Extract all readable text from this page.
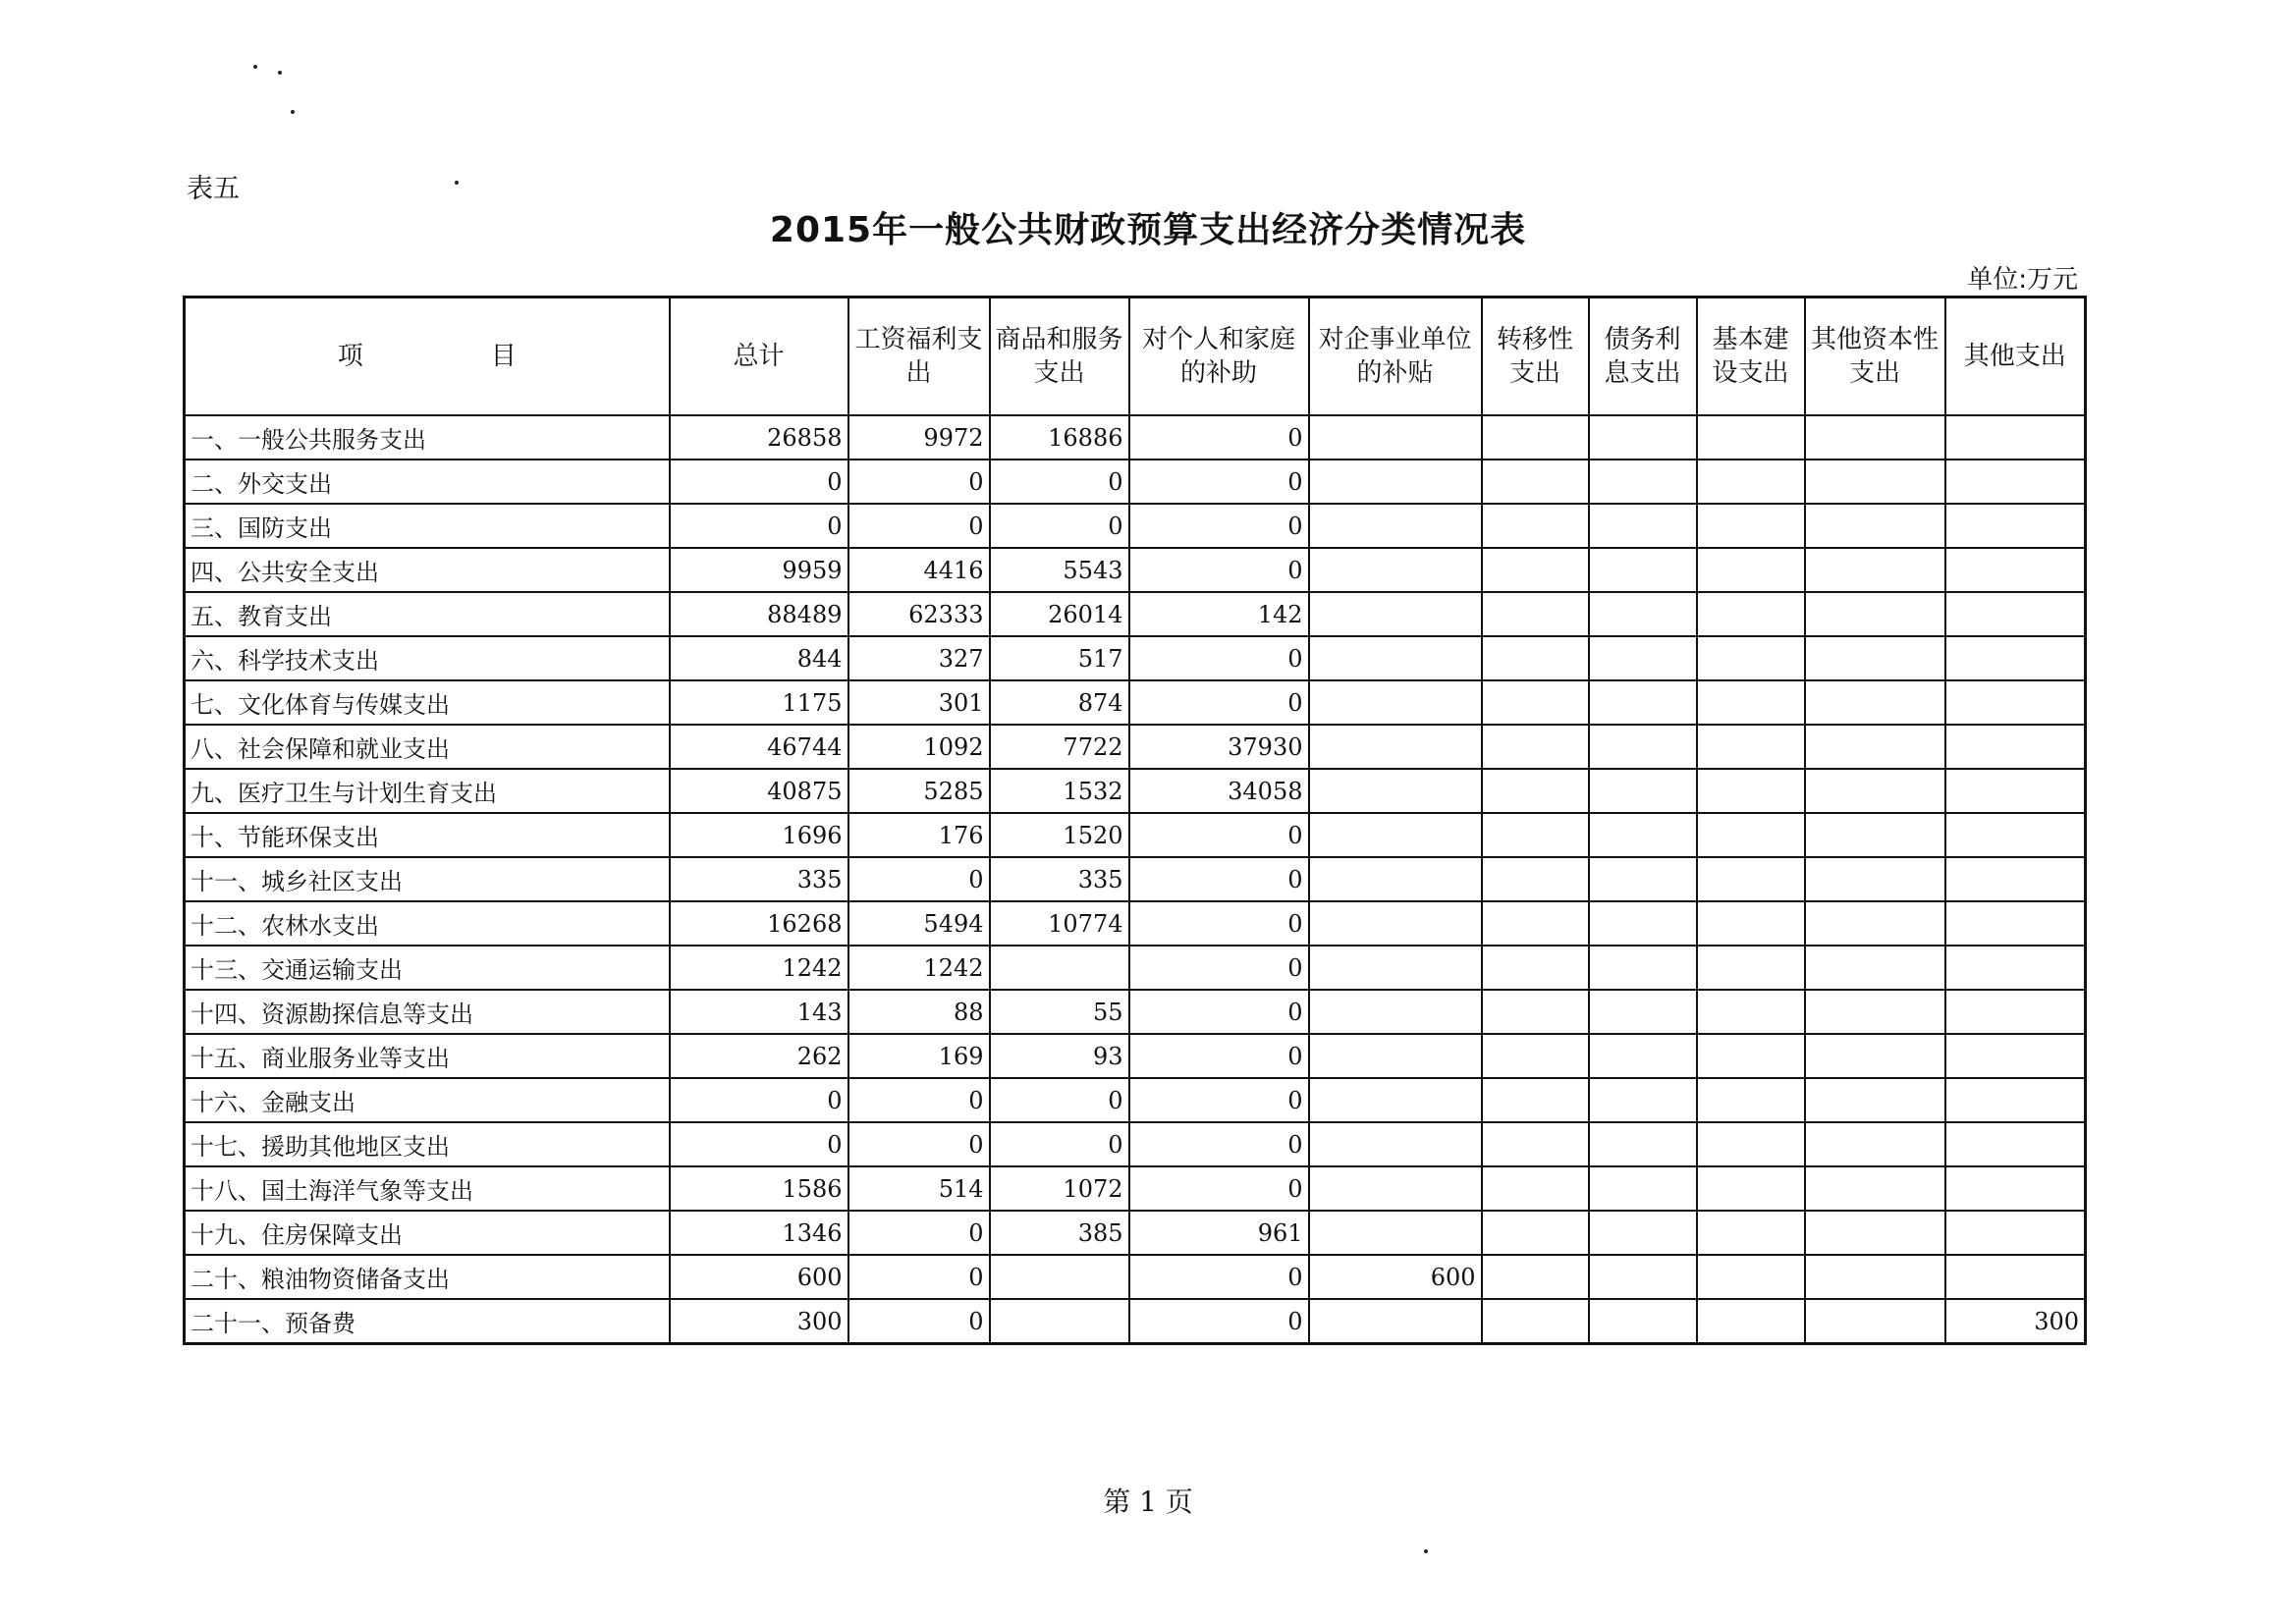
表五
2015年一般公共财政预算支出经济分类情况表
单位:万元
项　　　　　目	总计	工资福利支出	商品和服务支出	对个人和家庭的补助	对企事业单位的补贴	转移性支出	债务利息支出	基本建设支出	其他资本性支出	其他支出
一、一般公共服务支出	26858	9972	16886	0						
二、外交支出	0	0	0	0						
三、国防支出	0	0	0	0						
四、公共安全支出	9959	4416	5543	0						
五、教育支出	88489	62333	26014	142						
六、科学技术支出	844	327	517	0						
七、文化体育与传媒支出	1175	301	874	0						
八、社会保障和就业支出	46744	1092	7722	37930						
九、医疗卫生与计划生育支出	40875	5285	1532	34058						
十、节能环保支出	1696	176	1520	0						
十一、城乡社区支出	335	0	335	0						
十二、农林水支出	16268	5494	10774	0						
十三、交通运输支出	1242	1242		0						
十四、资源勘探信息等支出	143	88	55	0						
十五、商业服务业等支出	262	169	93	0						
十六、金融支出	0	0	0	0						
十七、援助其他地区支出	0	0	0	0						
十八、国土海洋气象等支出	1586	514	1072	0						
十九、住房保障支出	1346	0	385	961						
二十、粮油物资储备支出	600	0		0	600					
二十一、预备费	300	0		0						300
第 1 页
